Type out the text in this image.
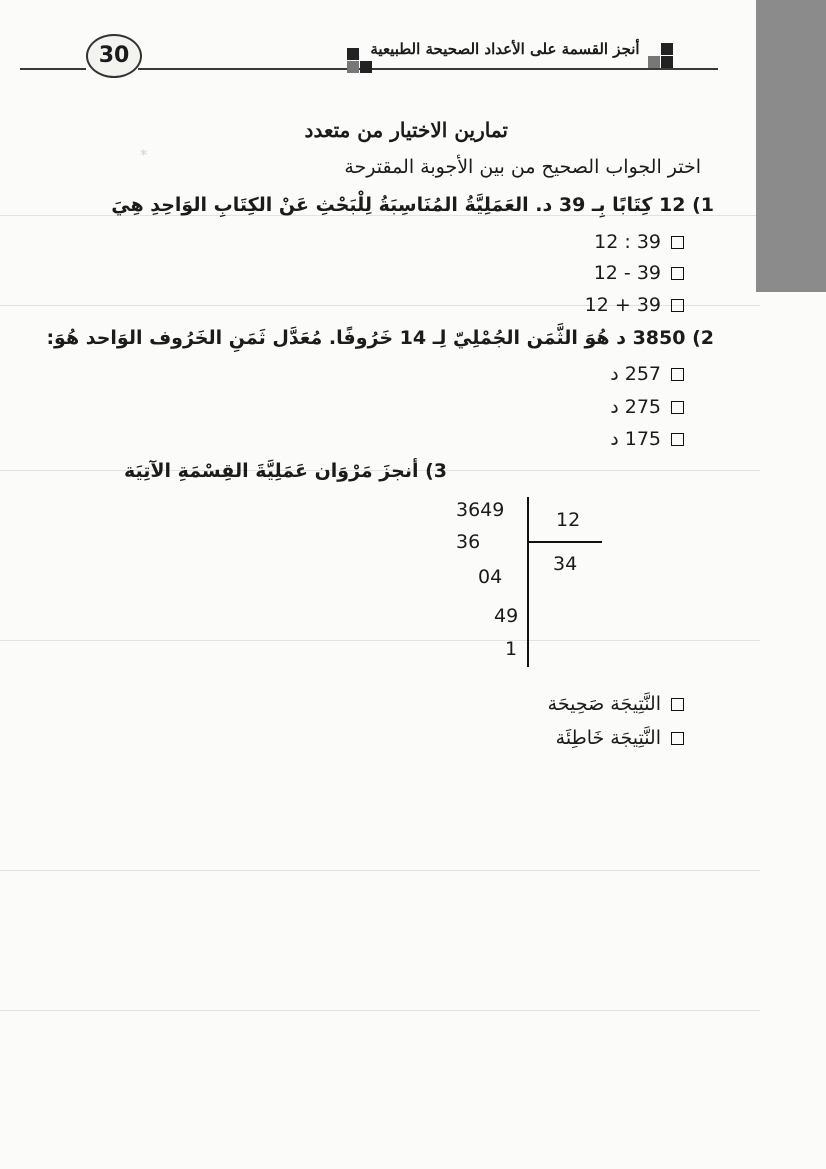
*
30	أنجز القسمة على الأعداد الصحيحة الطبيعية
تمارين الاختيار من متعدد
اختر الجواب الصحيح من بين الأجوبة المقترحة
1) 12 كِتَابًا بِـ 39 د. العَمَلِيَّةُ المُنَاسِبَةُ لِلْبَحْثِ عَنْ الكِتَابِ الوَاحِدِ هِيَ
12 : 39
12 - 39
12 + 39
2) 3850 د هُوَ الثَّمَن الجُمْلِيّ لِـ 14 خَرُوفًا. مُعَدَّل ثَمَنِ الخَرُوف الوَاحد هُوَ:
257 د
275 د
175 د
3) أنجزَ مَرْوَان عَمَلِيَّةَ القِسْمَةِ الآتِيَة
3649	12
34
36
04
49
1
النَّتِيجَة صَحِيحَة
النَّتِيجَة خَاطِئَة
